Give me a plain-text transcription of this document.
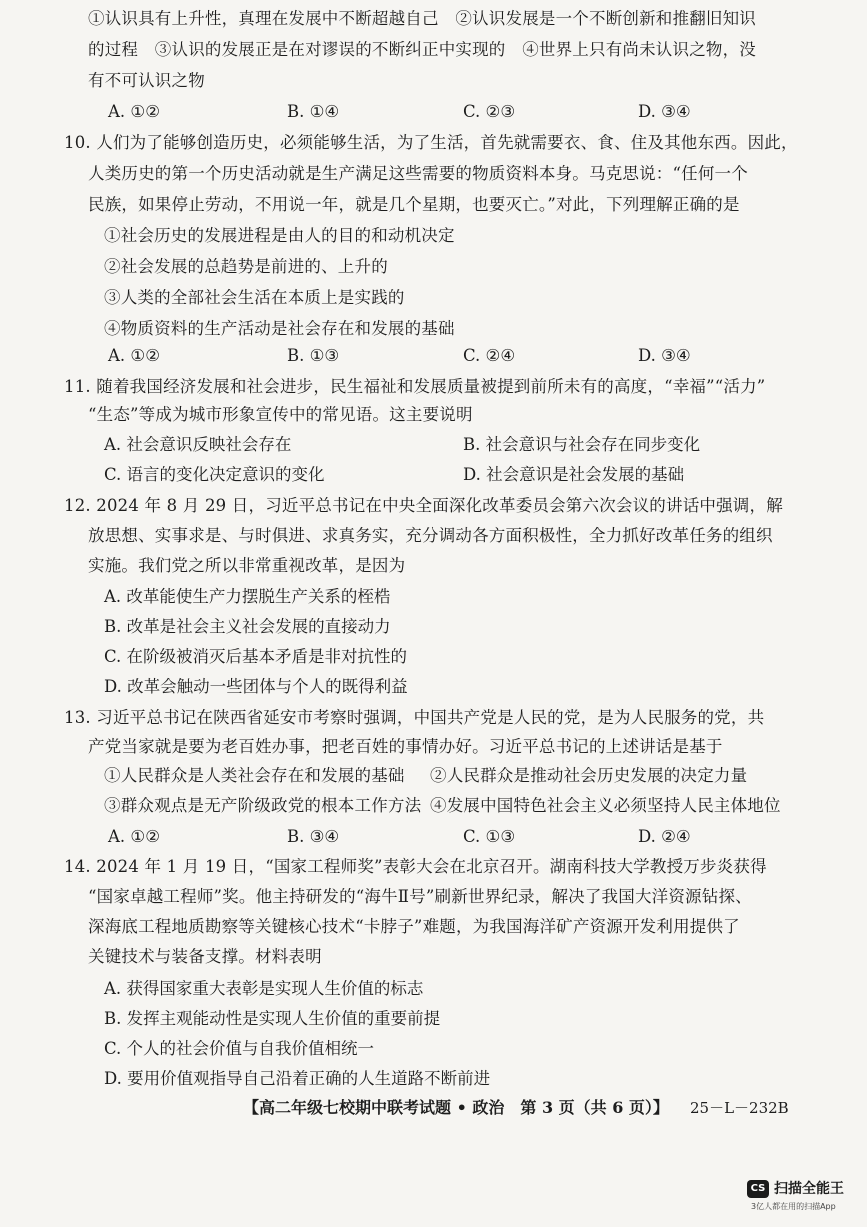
①认识具有上升性，真理在发展中不断超越自己　②认识发展是一个不断创新和推翻旧知识
的过程　③认识的发展正是在对谬误的不断纠正中实现的　④世界上只有尚未认识之物，没
有不可认识之物
A. ①②	B. ①④	C. ②③	D. ③④
10. 人们为了能够创造历史，必须能够生活，为了生活，首先就需要衣、食、住及其他东西。因此，
人类历史的第一个历史活动就是生产满足这些需要的物质资料本身。马克思说：“任何一个
民族，如果停止劳动，不用说一年，就是几个星期，也要灭亡。”对此，下列理解正确的是
①社会历史的发展进程是由人的目的和动机决定
②社会发展的总趋势是前进的、上升的
③人类的全部社会生活在本质上是实践的
④物质资料的生产活动是社会存在和发展的基础
A. ①②	B. ①③	C. ②④	D. ③④
11. 随着我国经济发展和社会进步，民生福祉和发展质量被提到前所未有的高度，“幸福”“活力”
“生态”等成为城市形象宣传中的常见语。这主要说明
A. 社会意识反映社会存在	B. 社会意识与社会存在同步变化
C. 语言的变化决定意识的变化	D. 社会意识是社会发展的基础
12. 2024 年 8 月 29 日，习近平总书记在中央全面深化改革委员会第六次会议的讲话中强调，解
放思想、实事求是、与时俱进、求真务实，充分调动各方面积极性，全力抓好改革任务的组织
实施。我们党之所以非常重视改革，是因为
A. 改革能使生产力摆脱生产关系的桎梏
B. 改革是社会主义社会发展的直接动力
C. 在阶级被消灭后基本矛盾是非对抗性的
D. 改革会触动一些团体与个人的既得利益
13. 习近平总书记在陕西省延安市考察时强调，中国共产党是人民的党，是为人民服务的党，共
产党当家就是要为老百姓办事，把老百姓的事情办好。习近平总书记的上述讲话是基于
①人民群众是人类社会存在和发展的基础 ②人民群众是推动社会历史发展的决定力量
③群众观点是无产阶级政党的根本工作方法 ④发展中国特色社会主义必须坚持人民主体地位
A. ①②	B. ③④	C. ①③	D. ②④
14. 2024 年 1 月 19 日，“国家工程师奖”表彰大会在北京召开。湖南科技大学教授万步炎获得
“国家卓越工程师”奖。他主持研发的“海牛Ⅱ号”刷新世界纪录，解决了我国大洋资源钻探、
深海底工程地质勘察等关键核心技术“卡脖子”难题，为我国海洋矿产资源开发利用提供了
关键技术与装备支撑。材料表明
A. 获得国家重大表彰是实现人生价值的标志
B. 发挥主观能动性是实现人生价值的重要前提
C. 个人的社会价值与自我价值相统一
D. 要用价值观指导自己沿着正确的人生道路不断前进
【高二年级七校期中联考试题 • 政治　第 3 页（共 6 页）】 25－L－232B
CS 扫描全能王
3亿人都在用的扫描App
